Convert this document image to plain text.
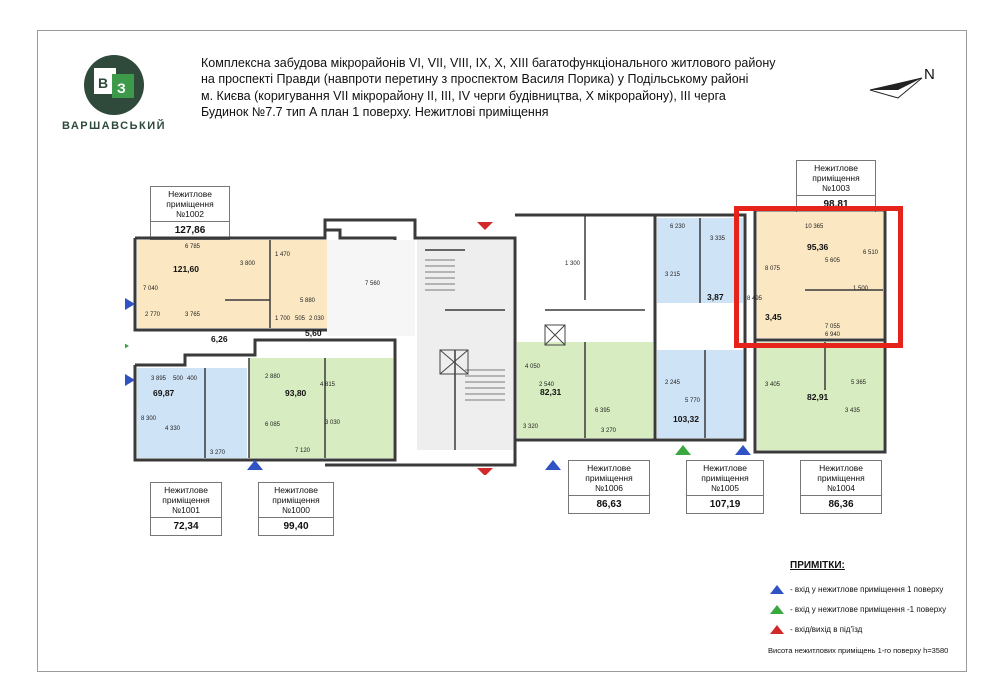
В З
ВАРШАВСЬКИЙ
Комплексна забудова мікрорайонів VI, VII, VIII, IX, X, XIII багатофункціонального житлового району
на проспекті Правди (навпроти перетину з проспектом Василя Порика) у Подільському районі
м. Києва (коригування VII мікрорайону II, III, IV черги будівництва, X мікрорайону), III черга
Будинок №7.7 тип А план 1 поверху. Нежитлові приміщення
N
Нежитлове приміщення №1002
127,86
Нежитлове приміщення №1003
98,81
Нежитлове приміщення №1001
72,34
Нежитлове приміщення №1000
99,40
Нежитлове приміщення №1006
86,63
Нежитлове приміщення №1005
107,19
Нежитлове приміщення №1004
86,36
121,60
69,87	93,80	82,31
103,32
82,91
95,36
5,60
6,26
3,87
3,45
6 785
3 800
1 470
7 040
5 880
7 560
2 770	3 765
1 700 505 2 030
3 895 500 400
4 330
3 270
8 300
2 880
4 815
6 085	3 030
7 120
4 050
2 540
6 395
3 320
3 270
6 230
3 335
3 215
5 770
2 245
10 365
8 075
5 605
6 510
7 055
6 940
3 405	5 365
3 435
8 495
1 300
1 500
ПРИМІТКИ:
- вхід у нежитлове приміщення 1 поверху
- вхід у нежитлове приміщення -1 поверху
- вхід/вихід в під'їзд
Висота нежитлових приміщень 1-го поверху h=3580
